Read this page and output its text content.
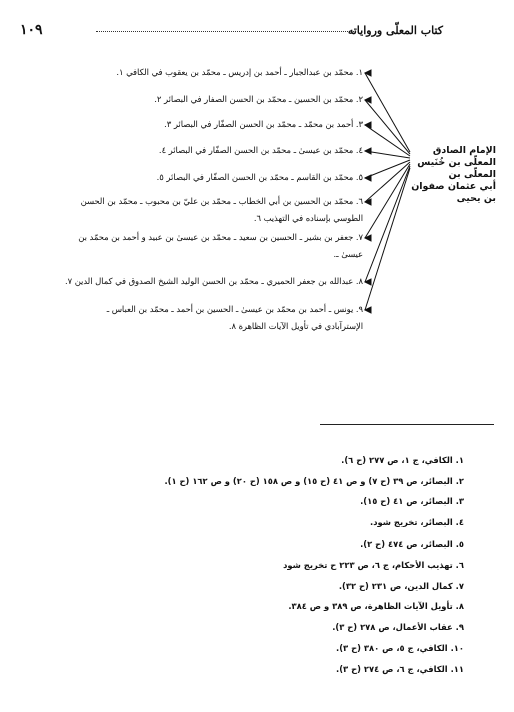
١٠٩	كتاب المعلّى ورواياته
الإمام الصادق
المعلّى بن خُنَيس
المعلّى بن
أبي عثمان صفوان
بن يحيى
١. محمّد بن عبدالجبار ـ أحمد بن إدريس ـ محمّد بن يعقوب في الكافي ١.
٢. محمّد بن الحسين ـ محمّد بن الحسن الصفار في البصائر ٢.
٣. أحمد بن محمّد ـ محمّد بن الحسن الصفّار في البصائر ٣.
٤. محمّد بن عيسىٰ ـ محمّد بن الحسن الصفّار في البصائر ٤.
٥. محمّد بن القاسم ـ محمّد بن الحسن الصفّار في البصائر ٥.
٦. محمّد بن الحسين بن أبي الخطاب ـ محمّد بن عليّ بن محبوب ـ محمّد بن الحسن
الطوسي بإسناده في التهذيب ٦.
٧. جعفر بن بشير ـ الحسين بن سعيد ـ محمّد بن عيسىٰ بن عبيد و أحمد بن محمّد بن
عيسىٰ ـ.
٨. عبدالله بن جعفر الحميري ـ محمّد بن الحسن الوليد الشيخ الصدوق في كمال الدين ٧.
٩. يونس ـ أحمد بن محمّد بن عيسىٰ ـ الحسين بن أحمد ـ محمّد بن العباس ـ
الإسترآبادي في تأويل الآيات الظاهرة ٨.
١. الكافي، ج ١، ص ٢٧٧ (ح ٦).
٢. البصائر، ص ٣٩ (ح ٧) و ص ٤١ (ح ١٥) و ص ١٥٨ (ح ٢٠) و ص ١٦٢ (ح ١).
٣. البصائر، ص ٤١ (ح ١٥).
٤. البصائر، تخريج شود.
٥. البصائر، ص ٤٧٤ (ح ٢).
٦. تهذيب الأحكام، ج ٦، ص ٢٢٣ ح تخريج شود
٧. كمال الدين، ص ٢٣١ (ح ٣٢).
٨. تأويل الآيات الظاهرة، ص ٣٨٩ و ص ٣٨٤.
٩. عقاب الأعمال، ص ٢٧٨ (ح ٣).
١٠. الكافي، ج ٥، ص ٣٨٠ (ح ٣).
١١. الكافي، ج ٦، ص ٢٧٤ (ح ٣).
